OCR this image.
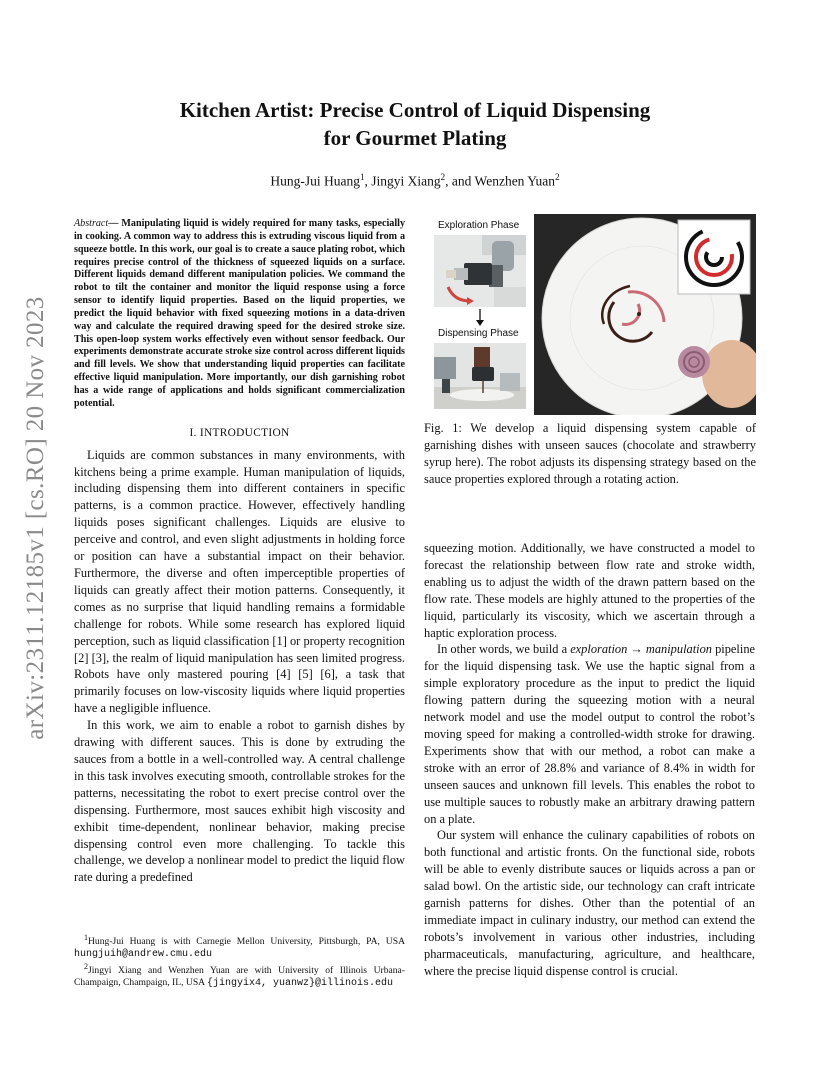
arXiv:2311.12185v1 [cs.RO] 20 Nov 2023
Kitchen Artist: Precise Control of Liquid Dispensing
for Gourmet Plating
Hung-Jui Huang$^1$, Jingyi Xiang$^2$, and Wenzhen Yuan$^2$

Abstract— Manipulating liquid is widely required for many tasks, especially in cooking. A common way to address this is extruding viscous liquid from a squeeze bottle. In this work, our goal is to create a sauce plating robot, which requires precise control of the thickness of squeezed liquids on a surface. Different liquids demand different manipulation policies. We command the robot to tilt the container and monitor the liquid response using a force sensor to identify liquid properties. Based on the liquid properties, we predict the liquid behavior with fixed squeezing motions in a data-driven way and calculate the required drawing speed for the desired stroke size. This open-loop system works effectively even without sensor feedback. Our experiments demonstrate accurate stroke size control across different liquids and fill levels. We show that understanding liquid properties can facilitate effective liquid manipulation. More importantly, our dish garnishing robot has a wide range of applications and holds significant commercialization potential.

I. INTRODUCTION

Liquids are common substances in many environments, with kitchens being a prime example. Human manipulation of liquids, including dispensing them into different containers in specific patterns, is a common practice. However, effectively handling liquids poses significant challenges. Liquids are elusive to perceive and control, and even slight adjustments in holding force or position can have a substantial impact on their behavior. Furthermore, the diverse and often imperceptible properties of liquids can greatly affect their motion patterns. Consequently, it comes as no surprise that liquid handling remains a formidable challenge for robots. While some research has explored liquid perception, such as liquid classification [1] or property recognition [2] [3], the realm of liquid manipulation has seen limited progress. Robots have only mastered pouring [4] [5] [6], a task that primarily focuses on low-viscosity liquids where liquid properties have a negligible influence.

In this work, we aim to enable a robot to garnish dishes by drawing with different sauces. This is done by extruding the sauces from a bottle in a well-controlled way. A central challenge in this task involves executing smooth, controllable strokes for the patterns, necessitating the robot to exert precise control over the dispensing. Furthermore, most sauces exhibit high viscosity and exhibit time-dependent, nonlinear behavior, making precise dispensing control even more challenging. To tackle this challenge, we develop a nonlinear model to predict the liquid flow rate during a predefined

$^1$Hung-Jui Huang is with Carnegie Mellon University, Pittsburgh, PA, USA hungjuih@andrew.cmu.edu

$^2$Jingyi Xiang and Wenzhen Yuan are with University of Illinois Urbana-Champaign, Champaign, IL, USA {jingyix4, yuanwz}@illinois.edu

Exploration Phase
Dispensing Phase

Fig. 1: We develop a liquid dispensing system capable of garnishing dishes with unseen sauces (chocolate and strawberry syrup here). The robot adjusts its dispensing strategy based on the sauce properties explored through a rotating action.

squeezing motion. Additionally, we have constructed a model to forecast the relationship between flow rate and stroke width, enabling us to adjust the width of the drawn pattern based on the flow rate. These models are highly attuned to the properties of the liquid, particularly its viscosity, which we ascertain through a haptic exploration process.

In other words, we build a exploration → manipulation pipeline for the liquid dispensing task. We use the haptic signal from a simple exploratory procedure as the input to predict the liquid flowing pattern during the squeezing motion with a neural network model and use the model output to control the robot’s moving speed for making a controlled-width stroke for drawing. Experiments show that with our method, a robot can make a stroke with an error of 28.8% and variance of 8.4% in width for unseen sauces and unknown fill levels. This enables the robot to use multiple sauces to robustly make an arbitrary drawing pattern on a plate.

Our system will enhance the culinary capabilities of robots on both functional and artistic fronts. On the functional side, robots will be able to evenly distribute sauces or liquids across a pan or salad bowl. On the artistic side, our technology can craft intricate garnish patterns for dishes. Other than the potential of an immediate impact in culinary industry, our method can extend the robots’s involvement in various other industries, including pharmaceuticals, manufacturing, agriculture, and healthcare, where the precise liquid dispense control is crucial.
